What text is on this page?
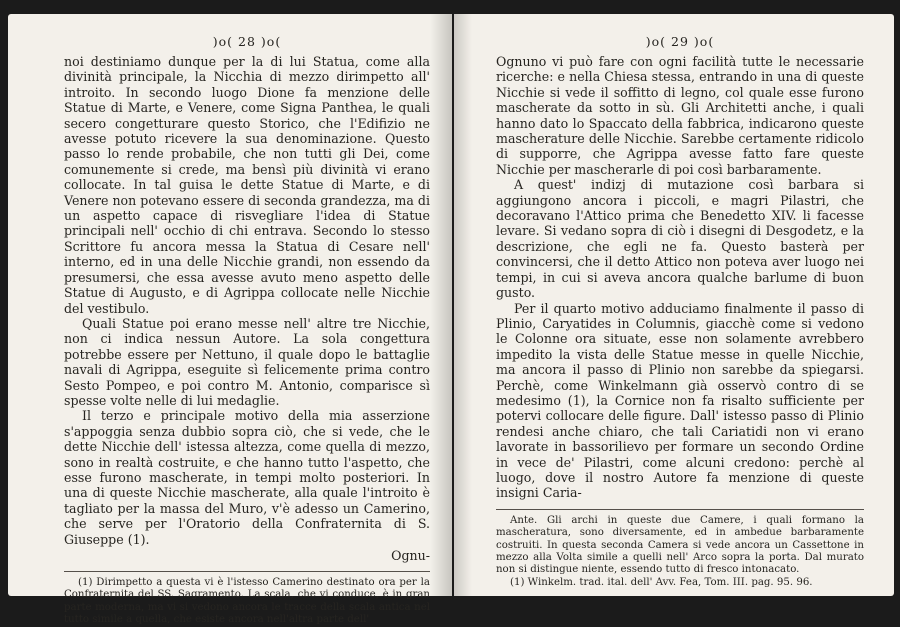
)o( 28 )o(

noi destiniamo dunque per la di lui Statua, come alla divinità principale, la Nicchia di mezzo dirimpetto all' introito. In secondo luogo Dione fa menzione delle Statue di Marte, e Venere, come Signa Panthea, le quali secero congetturare questo Storico, che l'Edifizio ne avesse potuto ricevere la sua denominazione. Questo passo lo rende probabile, che non tutti gli Dei, come comunemente si crede, ma bensì più divinità vi erano collocate. In tal guisa le dette Statue di Marte, e di Venere non potevano essere di seconda grandezza, ma di un aspetto capace di risvegliare l'idea di Statue principali nell' occhio di chi entrava. Secondo lo stesso Scrittore fu ancora messa la Statua di Cesare nell' interno, ed in una delle Nicchie grandi, non essendo da presumersi, che essa avesse avuto meno aspetto delle Statue di Augusto, e di Agrippa collocate nelle Nicchie del vestibulo.

Quali Statue poi erano messe nell' altre tre Nicchie, non ci indica nessun Autore. La sola congettura potrebbe essere per Nettuno, il quale dopo le battaglie navali di Agrippa, eseguite sì felicemente prima contro Sesto Pompeo, e poi contro M. Antonio, comparisce sì spesse volte nelle di lui medaglie.

Il terzo e principale motivo della mia asserzione s'appoggia senza dubbio sopra ciò, che si vede, che le dette Nicchie dell' istessa altezza, come quella di mezzo, sono in realtà costruite, e che hanno tutto l'aspetto, che esse furono mascherate, in tempi molto posteriori. In una di queste Nicchie mascherate, alla quale l'introito è tagliato per la massa del Muro, v'è adesso un Camerino, che serve per l'Oratorio della Confraternita di S. Giuseppe (1).

Ognu-

(1) Dirimpetto a questa vi è l'istesso Camerino destinato ora per la Confraternita del SS. Sagramento. La scala, che vi conduce, è in gran parte moderna, ma vi si vedono ancora le tracce della scala antica nel tutto simile a quella, che esiste ancora nell'altra parte dell'

)o( 29 )o(

Ognuno vi può fare con ogni facilità tutte le necessarie ricerche: e nella Chiesa stessa, entrando in una di queste Nicchie si vede il soffitto di legno, col quale esse furono mascherate da sotto in sù. Gli Architetti anche, i quali hanno dato lo Spaccato della fabbrica, indicarono queste mascherature delle Nicchie. Sarebbe certamente ridicolo di supporre, che Agrippa avesse fatto fare queste Nicchie per mascherarle di poi così barbaramente.

A quest' indizj di mutazione così barbara si aggiungono ancora i piccoli, e magri Pilastri, che decoravano l'Attico prima che Benedetto XIV. li facesse levare. Si vedano sopra di ciò i disegni di Desgodetz, e la descrizione, che egli ne fa. Questo basterà per convincersi, che il detto Attico non poteva aver luogo nei tempi, in cui si aveva ancora qualche barlume di buon gusto.

Per il quarto motivo adduciamo finalmente il passo di Plinio, Caryatides in Columnis, giacchè come si vedono le Colonne ora situate, esse non solamente avrebbero impedito la vista delle Statue messe in quelle Nicchie, ma ancora il passo di Plinio non sarebbe da spiegarsi. Perchè, come Winkelmann già osservò contro di se medesimo (1), la Cornice non fa risalto sufficiente per potervi collocare delle figure. Dall' istesso passo di Plinio rendesi anche chiaro, che tali Cariatidi non vi erano lavorate in bassorilievo per formare un secondo Ordine in vece de' Pilastri, come alcuni credono: perchè al luogo, dove il nostro Autore fa menzione di queste insigni Caria-

Ante. Gli archi in queste due Camere, i quali formano la mascheratura, sono diversamente, ed in ambedue barbaramente costruiti. In questa seconda Camera si vede ancora un Cassettone in mezzo alla Volta simile a quelli nell' Arco sopra la porta. Dal murato non si distingue niente, essendo tutto di fresco intonacato.

(1) Winkelm. trad. ital. dell' Avv. Fea, Tom. III. pag. 95. 96.
